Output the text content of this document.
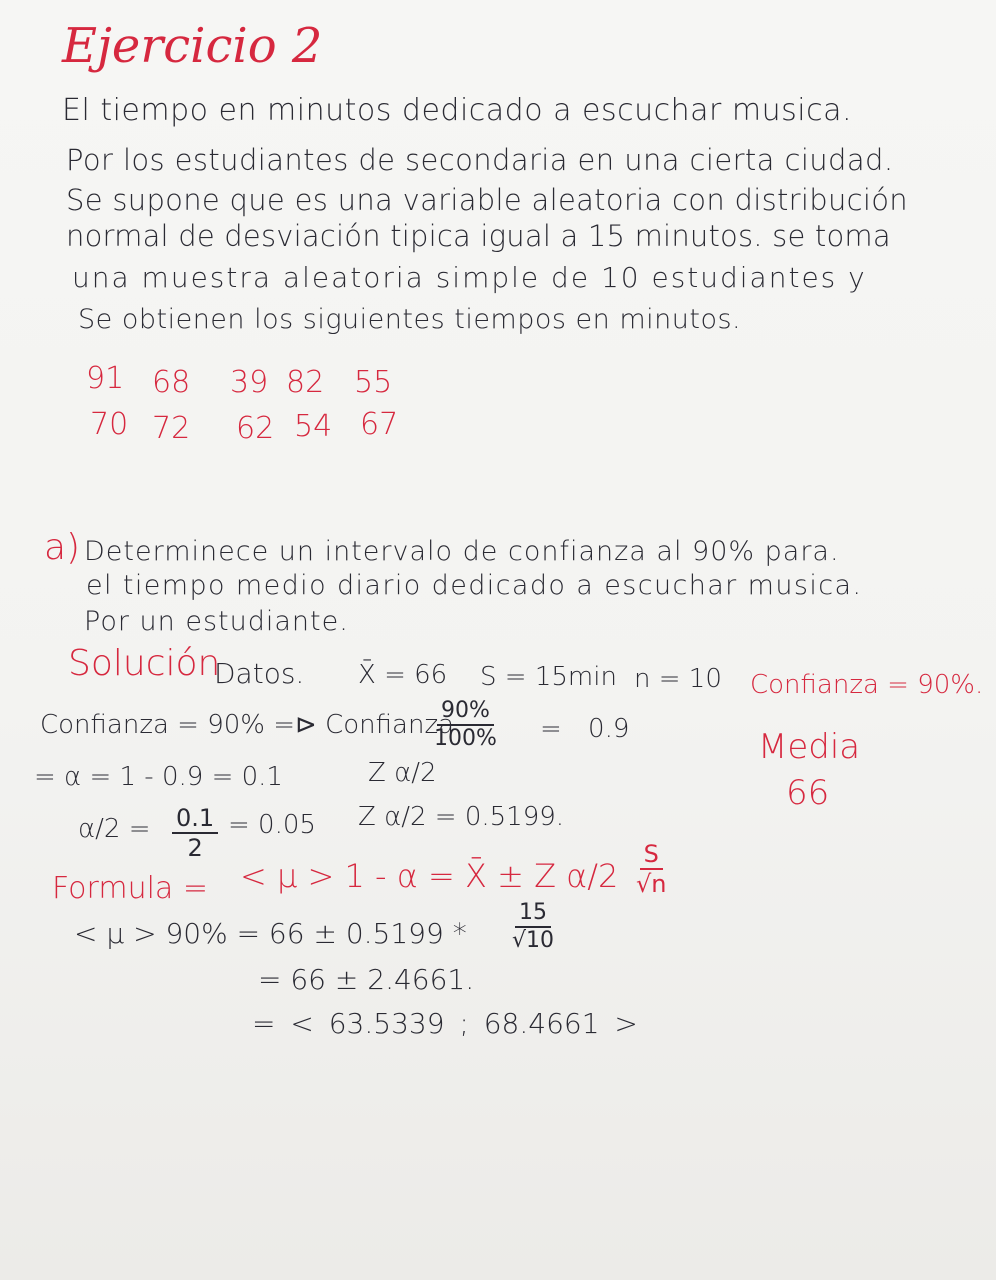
Ejercicio 2
El tiempo en minutos dedicado a escuchar musica.
Por los estudiantes de secondaria en una cierta ciudad.
Se supone que es una variable aleatoria con distribución
normal de desviación tipica igual a 15 minutos. se toma
una muestra aleatoria simple de 10 estudiantes y
Se obtienen los siguientes tiempos en minutos.
91 68 39 82 55
70 72 62 54 67
a) Determinece un intervalo de confianza al 90% para.
el tiempo medio diario dedicado a escuchar musica.
Por un estudiante.
Solución
Datos. X̄ = 66 S = 15min n = 10 Confianza = 90%.
Confianza = 90% =⊳ Confianza
$\frac{90\%}{100\%} = 0.9$	Media
66
= α = 1 - 0.9 = 0.1	Z α/2
$\alpha/2 = \frac{0.1}{2} = 0.05$ Z α/2 = 0.5199.
Formula = < μ > 1 - α = X̄ ± Z $\alpha/2 \frac{S}{√n}$
< $\mu > 90\% = 66 \pm 0.5199 * \frac{15}{√10}$
= 66 ± 2.4661.
= < 63.5339 ; 68.4661 >
